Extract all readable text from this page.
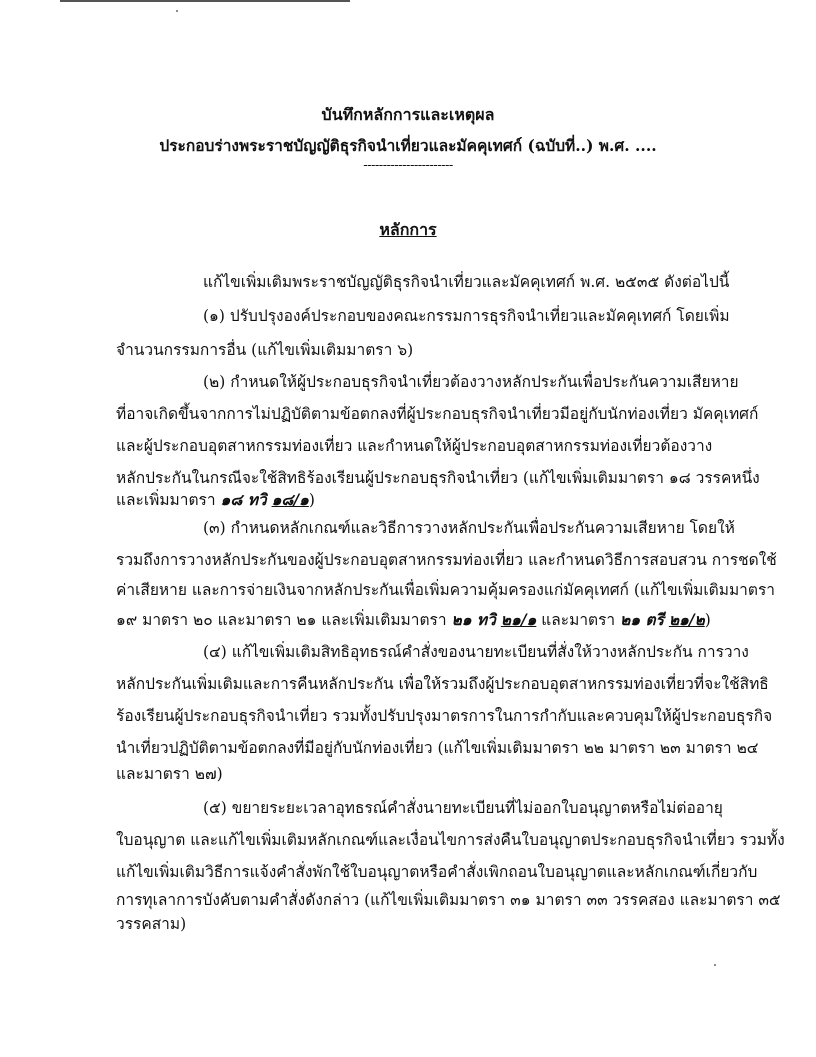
บันทึกหลักการและเหตุผล
ประกอบร่างพระราชบัญญัติธุรกิจนำเที่ยวและมัคคุเทศก์ (ฉบับที่..) พ.ศ. ....
-----------------------
หลักการ
แก้ไขเพิ่มเติมพระราชบัญญัติธุรกิจนำเที่ยวและมัคคุเทศก์ พ.ศ. ๒๕๓๕ ดังต่อไปนี้
(๑) ปรับปรุงองค์ประกอบของคณะกรรมการธุรกิจนำเที่ยวและมัคคุเทศก์ โดยเพิ่ม
จำนวนกรรมการอื่น (แก้ไขเพิ่มเติมมาตรา ๖)
(๒) กำหนดให้ผู้ประกอบธุรกิจนำเที่ยวต้องวางหลักประกันเพื่อประกันความเสียหาย
ที่อาจเกิดขึ้นจากการไม่ปฏิบัติตามข้อตกลงที่ผู้ประกอบธุรกิจนำเที่ยวมีอยู่กับนักท่องเที่ยว มัคคุเทศก์
และผู้ประกอบอุตสาหกรรมท่องเที่ยว และกำหนดให้ผู้ประกอบอุตสาหกรรมท่องเที่ยวต้องวาง
หลักประกันในกรณีจะใช้สิทธิร้องเรียนผู้ประกอบธุรกิจนำเที่ยว (แก้ไขเพิ่มเติมมาตรา ๑๘ วรรคหนึ่ง
และเพิ่มมาตรา ๑๘ ทวิ ๑๘/๑)
(๓) กำหนดหลักเกณฑ์และวิธีการวางหลักประกันเพื่อประกันความเสียหาย โดยให้
รวมถึงการวางหลักประกันของผู้ประกอบอุตสาหกรรมท่องเที่ยว และกำหนดวิธีการสอบสวน การชดใช้
ค่าเสียหาย และการจ่ายเงินจากหลักประกันเพื่อเพิ่มความคุ้มครองแก่มัคคุเทศก์ (แก้ไขเพิ่มเติมมาตรา
๑๙ มาตรา ๒๐ และมาตรา ๒๑ และเพิ่มเติมมาตรา ๒๑ ทวิ ๒๑/๑ และมาตรา ๒๑ ตรี ๒๑/๒)
(๔) แก้ไขเพิ่มเติมสิทธิอุทธรณ์คำสั่งของนายทะเบียนที่สั่งให้วางหลักประกัน การวาง
หลักประกันเพิ่มเติมและการคืนหลักประกัน เพื่อให้รวมถึงผู้ประกอบอุตสาหกรรมท่องเที่ยวที่จะใช้สิทธิ
ร้องเรียนผู้ประกอบธุรกิจนำเที่ยว รวมทั้งปรับปรุงมาตรการในการกำกับและควบคุมให้ผู้ประกอบธุรกิจ
นำเที่ยวปฏิบัติตามข้อตกลงที่มีอยู่กับนักท่องเที่ยว (แก้ไขเพิ่มเติมมาตรา ๒๒ มาตรา ๒๓ มาตรา ๒๔
และมาตรา ๒๗)
(๕) ขยายระยะเวลาอุทธรณ์คำสั่งนายทะเบียนที่ไม่ออกใบอนุญาตหรือไม่ต่ออายุ
ใบอนุญาต และแก้ไขเพิ่มเติมหลักเกณฑ์และเงื่อนไขการส่งคืนใบอนุญาตประกอบธุรกิจนำเที่ยว รวมทั้ง
แก้ไขเพิ่มเติมวิธีการแจ้งคำสั่งพักใช้ใบอนุญาตหรือคำสั่งเพิกถอนใบอนุญาตและหลักเกณฑ์เกี่ยวกับ
การทุเลาการบังคับตามคำสั่งดังกล่าว (แก้ไขเพิ่มเติมมาตรา ๓๑ มาตรา ๓๓ วรรคสอง และมาตรา ๓๕
วรรคสาม)
